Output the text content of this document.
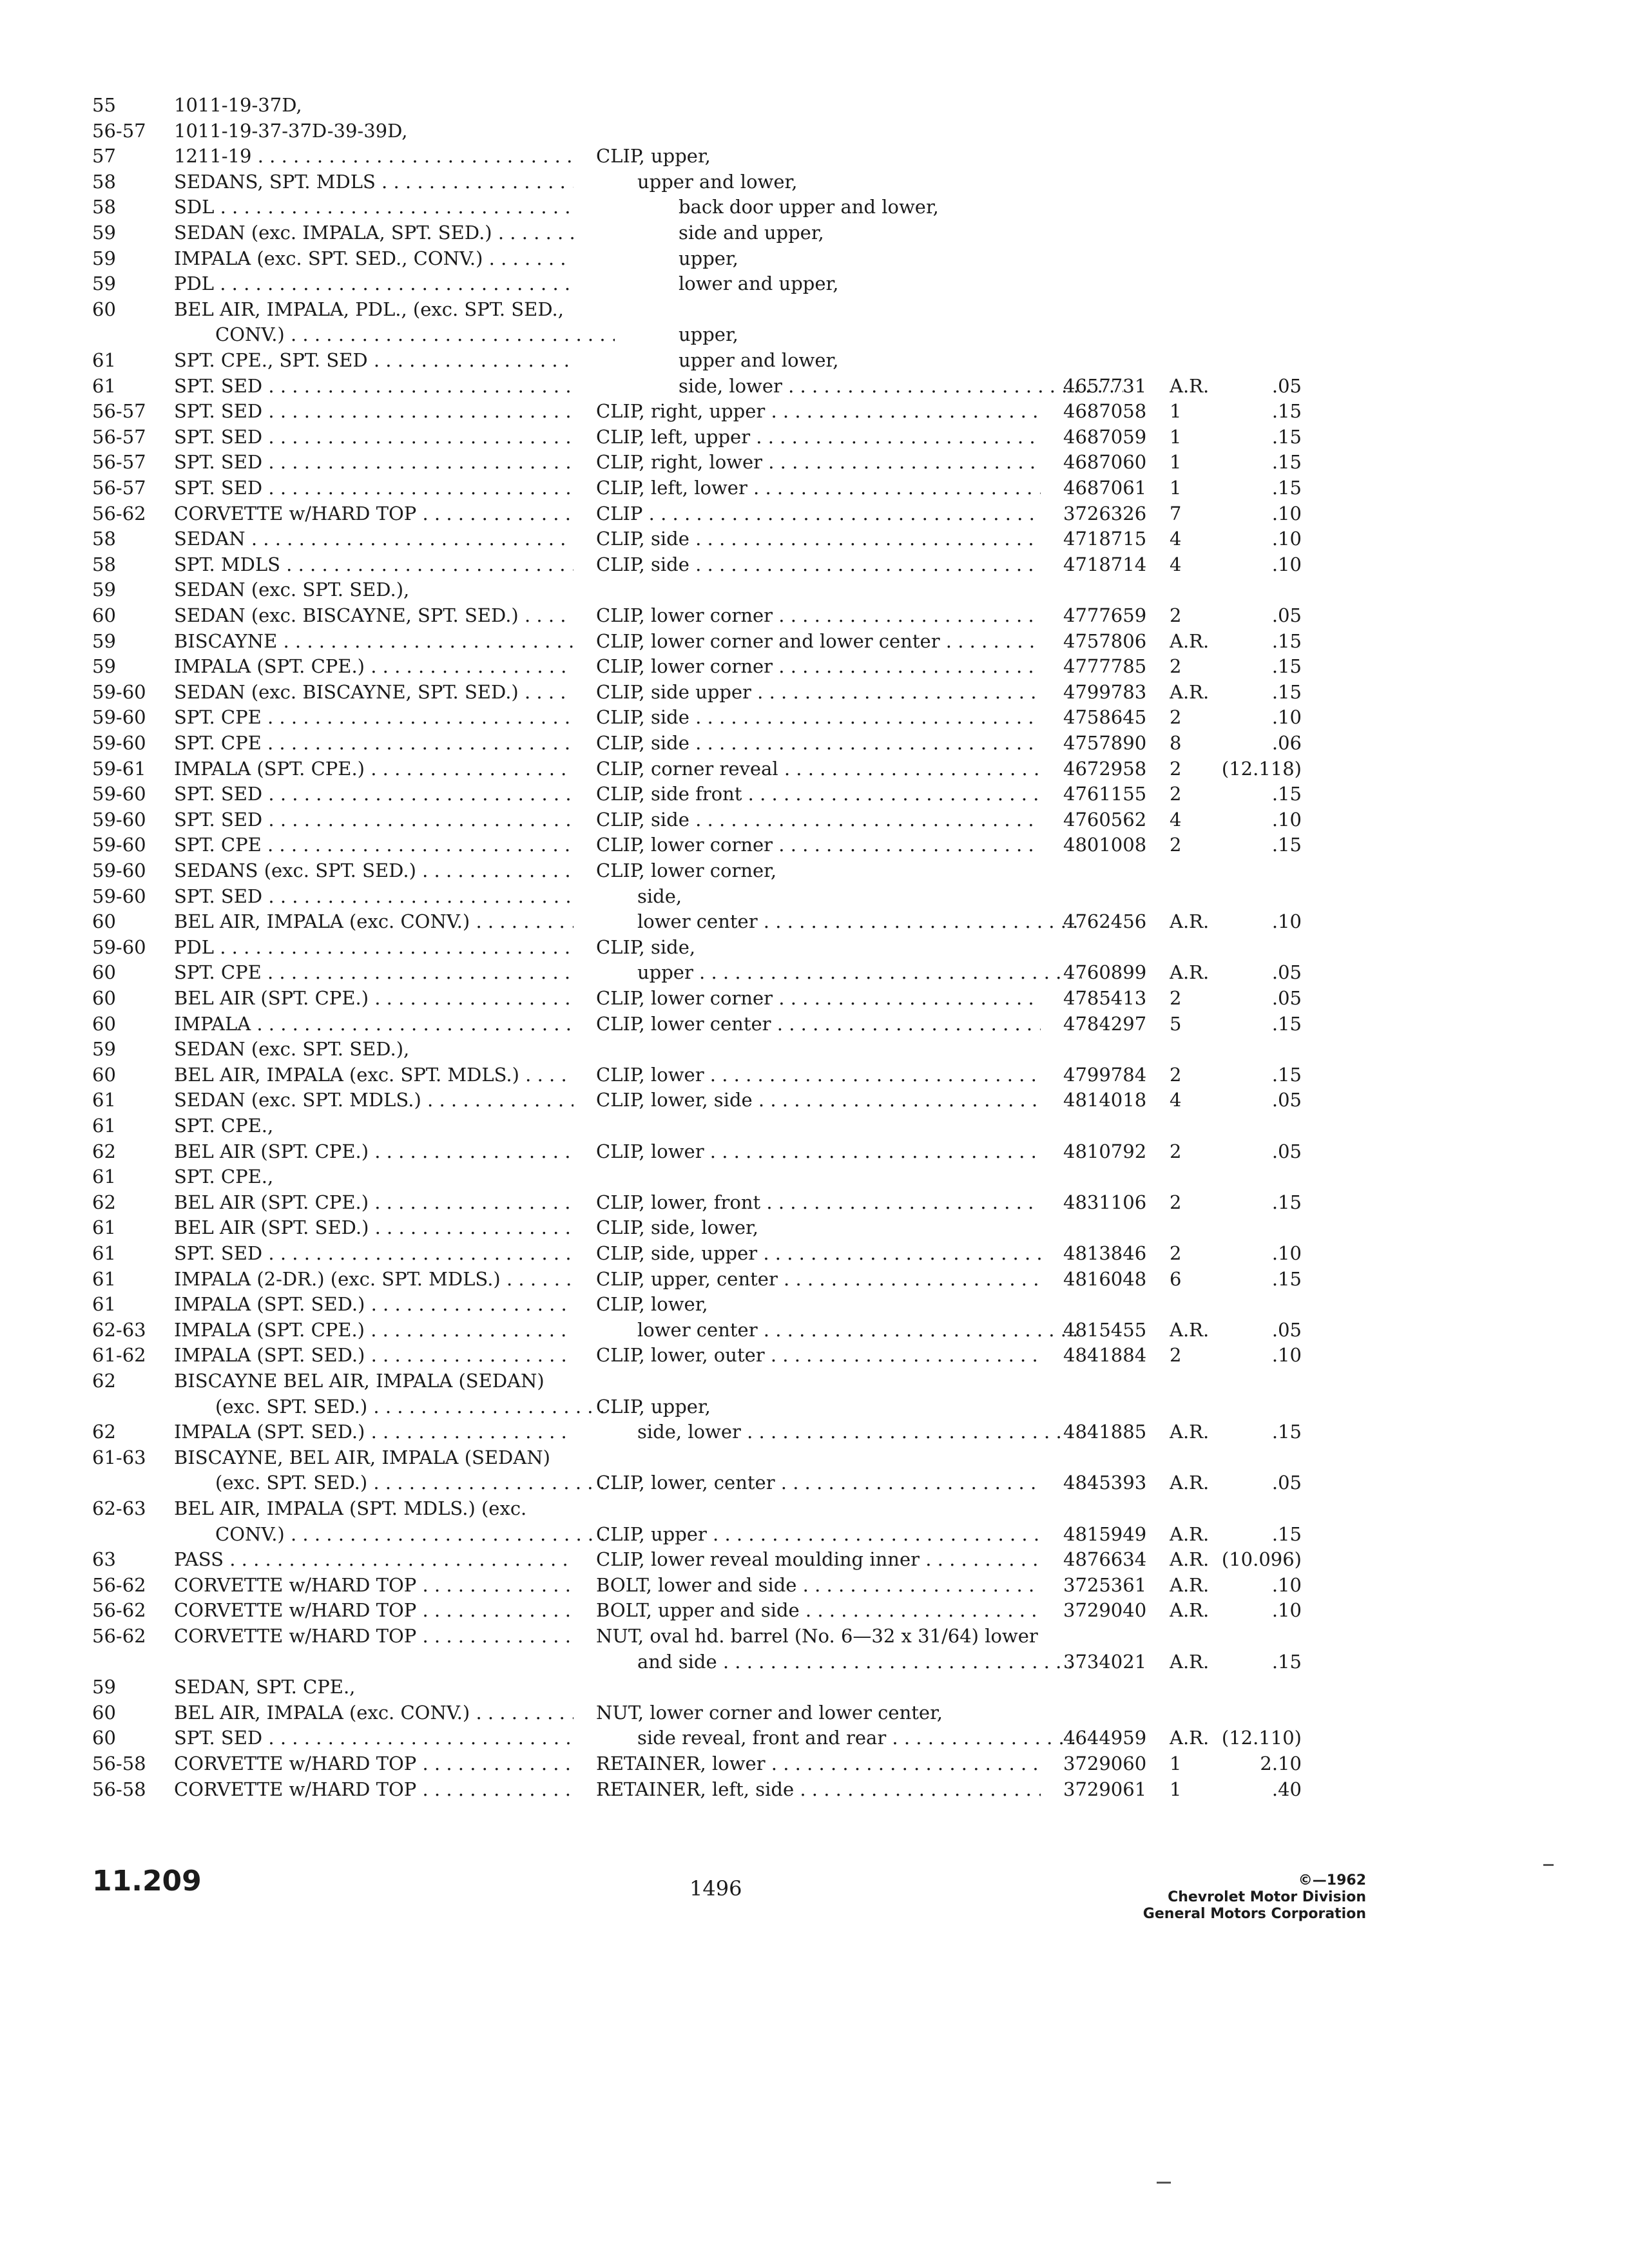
55	1011-19-37D,
56-57	1011-19-37-37D-39-39D,
57	1211-19 . . .	CLIP, upper,
58	SEDANS, SPT. MDLS . . .	upper and lower,
58	SDL . . .	back door upper and lower,
59	SEDAN (exc. IMPALA, SPT. SED.) . . .	side and upper,
59	IMPALA (exc. SPT. SED., CONV.) . . .	upper,
59	PDL . . .	lower and upper,
60	BEL AIR, IMPALA, PDL., (exc. SPT. SED.,
CONV.) . . .	upper,
61	SPT. CPE., SPT. SED . . .	upper and lower,
61	SPT. SED . . .	side, lower . . .	4657731	A.R.	.05
56-57	SPT. SED . . .	CLIP, right, upper . . .	4687058	1	.15
56-57	SPT. SED . . .	CLIP, left, upper . . .	4687059	1	.15
56-57	SPT. SED . . .	CLIP, right, lower . . .	4687060	1	.15
56-57	SPT. SED . . .	CLIP, left, lower . . .	4687061	1	.15
56-62	CORVETTE w/HARD TOP . . .	CLIP . . .	3726326	7	.10
58	SEDAN . . .	CLIP, side . . .	4718715	4	.10
58	SPT. MDLS . . .	CLIP, side . . .	4718714	4	.10
59	SEDAN (exc. SPT. SED.),
60	SEDAN (exc. BISCAYNE, SPT. SED.) . . .	CLIP, lower corner . . .	4777659	2	.05
59	BISCAYNE . . .	CLIP, lower corner and lower center . . .	4757806	A.R.	.15
59	IMPALA (SPT. CPE.) . . .	CLIP, lower corner . . .	4777785	2	.15
59-60	SEDAN (exc. BISCAYNE, SPT. SED.) . . .	CLIP, side upper . . .	4799783	A.R.	.15
59-60	SPT. CPE . . .	CLIP, side . . .	4758645	2	.10
59-60	SPT. CPE . . .	CLIP, side . . .	4757890	8	.06
59-61	IMPALA (SPT. CPE.) . . .	CLIP, corner reveal . . .	4672958	2	(12.118)
59-60	SPT. SED . . .	CLIP, side front . . .	4761155	2	.15
59-60	SPT. SED . . .	CLIP, side . . .	4760562	4	.10
59-60	SPT. CPE . . .	CLIP, lower corner . . .	4801008	2	.15
59-60	SEDANS (exc. SPT. SED.) . . .	CLIP, lower corner,
59-60	SPT. SED . . .	side,
60	BEL AIR, IMPALA (exc. CONV.) . . .	lower center . . .	4762456	A.R.	.10
59-60	PDL . . .	CLIP, side,
60	SPT. CPE . . .	upper . . .	4760899	A.R.	.05
60	BEL AIR (SPT. CPE.) . . .	CLIP, lower corner . . .	4785413	2	.05
60	IMPALA . . .	CLIP, lower center . . .	4784297	5	.15
59	SEDAN (exc. SPT. SED.),
60	BEL AIR, IMPALA (exc. SPT. MDLS.) . . .	CLIP, lower . . .	4799784	2	.15
61	SEDAN (exc. SPT. MDLS.) . . .	CLIP, lower, side . . .	4814018	4	.05
61	SPT. CPE.,
62	BEL AIR (SPT. CPE.) . . .	CLIP, lower . . .	4810792	2	.05
61	SPT. CPE.,
62	BEL AIR (SPT. CPE.) . . .	CLIP, lower, front . . .	4831106	2	.15
61	BEL AIR (SPT. SED.) . . .	CLIP, side, lower,
61	SPT. SED . . .	CLIP, side, upper . . .	4813846	2	.10
61	IMPALA (2-DR.) (exc. SPT. MDLS.) . . .	CLIP, upper, center . . .	4816048	6	.15
61	IMPALA (SPT. SED.) . . .	CLIP, lower,
62-63	IMPALA (SPT. CPE.) . . .	lower center . . .	4815455	A.R.	.05
61-62	IMPALA (SPT. SED.) . . .	CLIP, lower, outer . . .	4841884	2	.10
62	BISCAYNE BEL AIR, IMPALA (SEDAN)
(exc. SPT. SED.) . . .	CLIP, upper,
62	IMPALA (SPT. SED.) . . .	side, lower . . .	4841885	A.R.	.15
61-63	BISCAYNE, BEL AIR, IMPALA (SEDAN)
(exc. SPT. SED.) . . .	CLIP, lower, center . . .	4845393	A.R.	.05
62-63	BEL AIR, IMPALA (SPT. MDLS.) (exc.
CONV.) . . .	CLIP, upper . . .	4815949	A.R.	.15
63	PASS . . .	CLIP, lower reveal moulding inner . . .	4876634	A.R. (10.096)
56-62	CORVETTE w/HARD TOP . . .	BOLT, lower and side . . .	3725361	A.R.	.10
56-62	CORVETTE w/HARD TOP . . .	BOLT, upper and side . . .	3729040	A.R.	.10
56-62	CORVETTE w/HARD TOP . . .	NUT, oval hd. barrel (No. 6—32 x 31/64) lower
and side . . .	3734021	A.R.	.15
59	SEDAN, SPT. CPE.,
60	BEL AIR, IMPALA (exc. CONV.) . . .	NUT, lower corner and lower center,
60	SPT. SED . . .	side reveal, front and rear . . .	4644959	A.R. (12.110)
56-58	CORVETTE w/HARD TOP . . .	RETAINER, lower . . .	3729060	1	2.10
56-58	CORVETTE w/HARD TOP . . .	RETAINER, left, side . . .	3729061	1	.40
11.209	1496	©—1962
Chevrolet Motor Division
General Motors Corporation
